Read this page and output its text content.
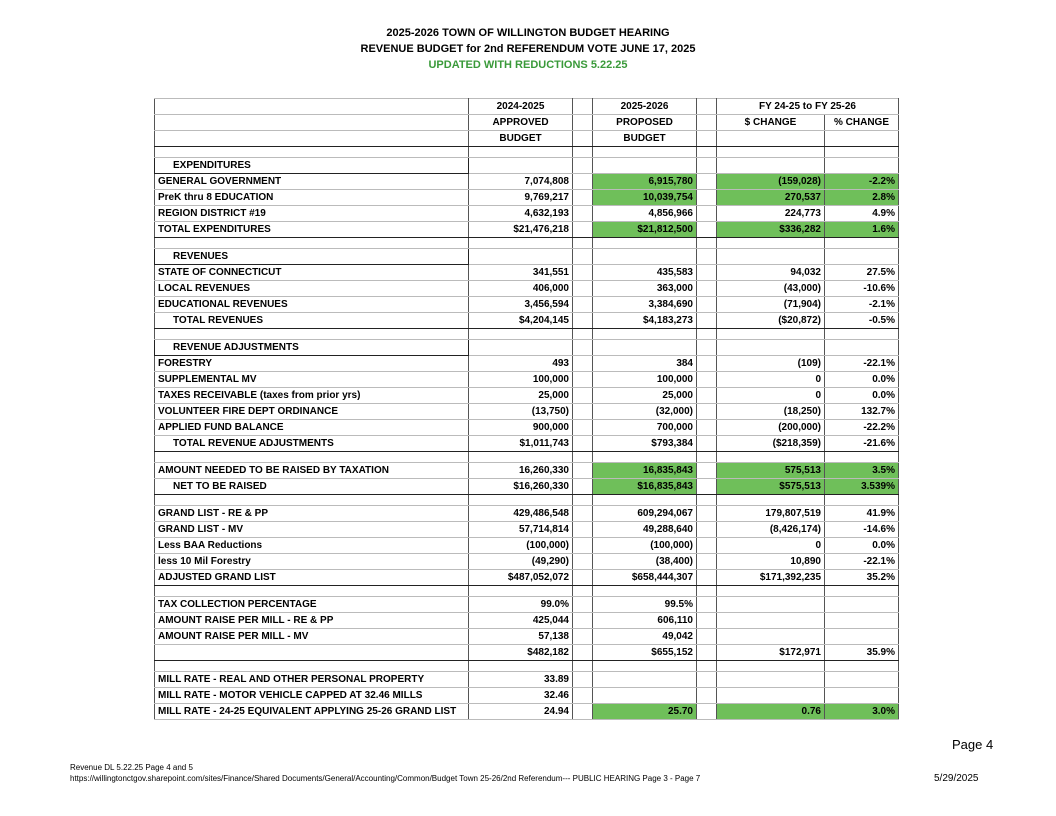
2025-2026 TOWN OF WILLINGTON BUDGET HEARING
REVENUE BUDGET for 2nd REFERENDUM VOTE JUNE 17, 2025
UPDATED WITH REDUCTIONS 5.22.25
	2024-2025		2025-2026		FY 24-25 to FY 25-26	
	APPROVED		PROPOSED		$ CHANGE	% CHANGE
	BUDGET		BUDGET			

EXPENDITURES						
GENERAL GOVERNMENT	7,074,808		6,915,780		(159,028)	-2.2%
PreK thru 8 EDUCATION	9,769,217		10,039,754		270,537	2.8%
REGION DISTRICT #19	4,632,193		4,856,966		224,773	4.9%
TOTAL EXPENDITURES	$21,476,218		$21,812,500		$336,282	1.6%

REVENUES						
STATE OF CONNECTICUT	341,551		435,583		94,032	27.5%
LOCAL REVENUES	406,000		363,000		(43,000)	-10.6%
EDUCATIONAL REVENUES	3,456,594		3,384,690		(71,904)	-2.1%
TOTAL REVENUES	$4,204,145		$4,183,273		($20,872)	-0.5%

REVENUE ADJUSTMENTS						
FORESTRY	493		384		(109)	-22.1%
SUPPLEMENTAL MV	100,000		100,000		0	0.0%
TAXES RECEIVABLE (taxes from prior yrs)	25,000		25,000		0	0.0%
VOLUNTEER FIRE DEPT ORDINANCE	(13,750)		(32,000)		(18,250)	132.7%
APPLIED FUND BALANCE	900,000		700,000		(200,000)	-22.2%
TOTAL REVENUE ADJUSTMENTS	$1,011,743		$793,384		($218,359)	-21.6%

AMOUNT NEEDED TO BE RAISED BY TAXATION	16,260,330		16,835,843		575,513	3.5%
NET TO BE RAISED	$16,260,330		$16,835,843		$575,513	3.539%

GRAND LIST - RE & PP	429,486,548		609,294,067		179,807,519	41.9%
GRAND LIST - MV	57,714,814		49,288,640		(8,426,174)	-14.6%
Less BAA Reductions	(100,000)		(100,000)		0	0.0%
less 10 Mil Forestry	(49,290)		(38,400)		10,890	-22.1%
ADJUSTED GRAND LIST	$487,052,072		$658,444,307		$171,392,235	35.2%

TAX COLLECTION PERCENTAGE	99.0%		99.5%			
AMOUNT RAISE PER MILL - RE & PP	425,044		606,110			
AMOUNT RAISE PER MILL - MV	57,138		49,042			
	$482,182		$655,152		$172,971	35.9%

MILL RATE - REAL AND OTHER PERSONAL PROPERTY	33.89					
MILL RATE - MOTOR VEHICLE CAPPED AT 32.46 MILLS	32.46					
MILL RATE - 24-25 EQUIVALENT APPLYING 25-26 GRAND LIST	24.94		25.70		0.76	3.0%
Page 4
Revenue DL 5.22.25 Page 4 and 5
https://willingtonctgov.sharepoint.com/sites/Finance/Shared Documents/General/Accounting/Common/Budget Town 25-26/2nd Referendum--- PUBLIC HEARING Page 3 - Page 7	5/29/2025
